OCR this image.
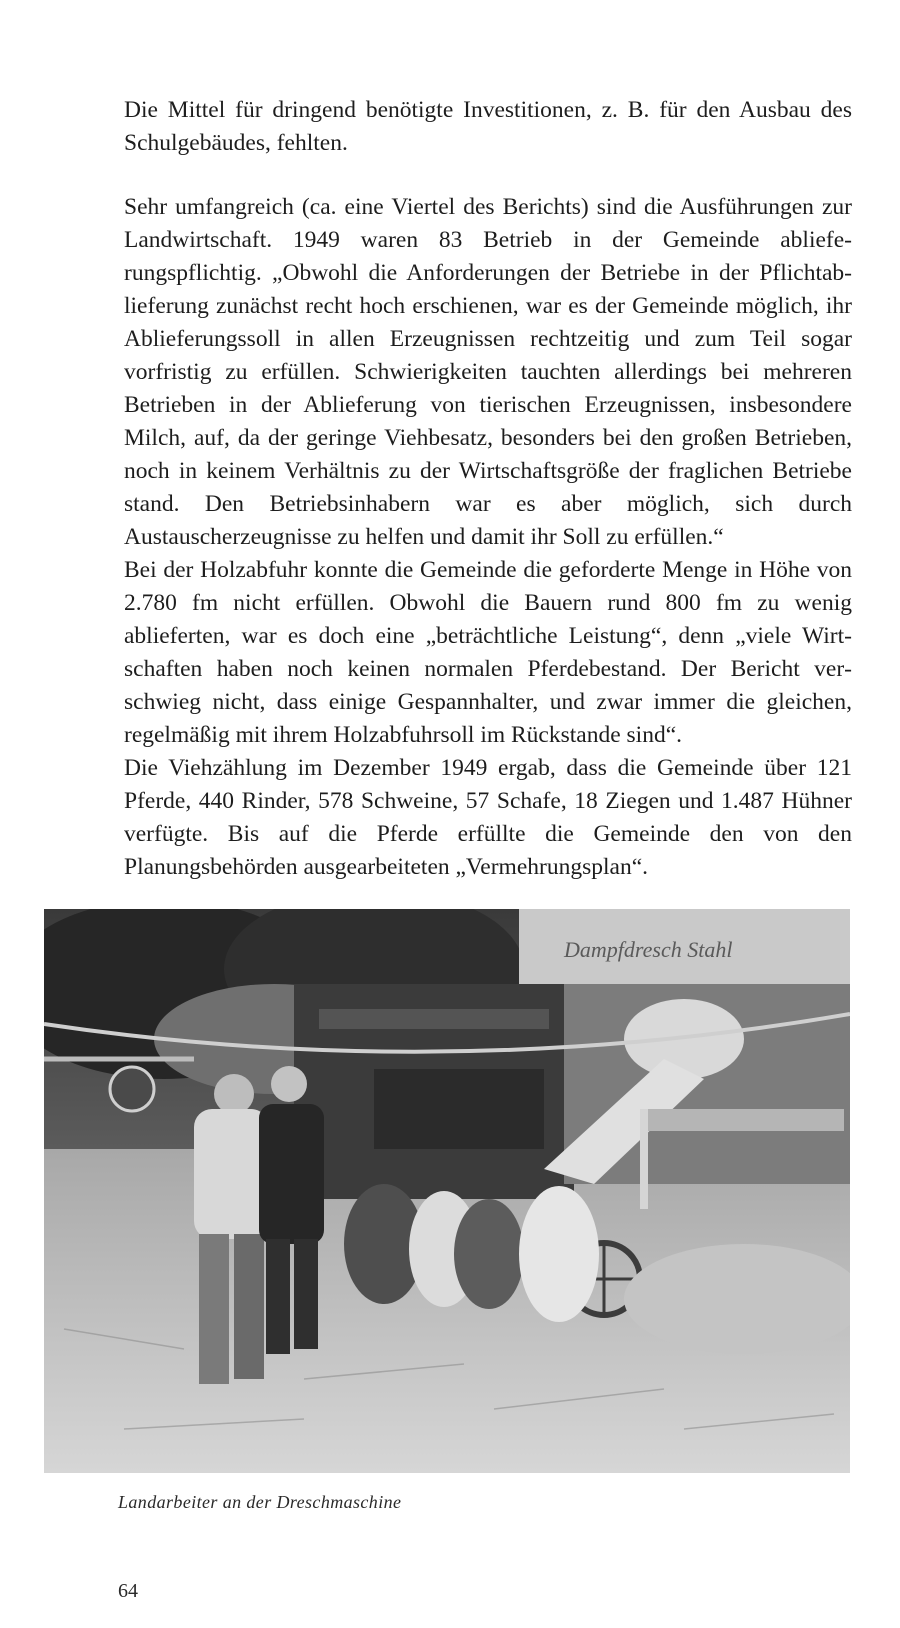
Die Mittel für dringend benötigte Investitionen, z. B. für den Ausbau des Schulgebäudes, fehlten.

Sehr umfangreich (ca. eine Viertel des Berichts) sind die Ausführungen zur Landwirtschaft. 1949 waren 83 Betrieb in der Gemeinde ablieferungspflichtig. „Obwohl die Anforderungen der Betriebe in der Pflichtablieferung zunächst recht hoch erschienen, war es der Gemeinde möglich, ihr Ablieferungssoll in allen Erzeugnissen rechtzeitig und zum Teil sogar vorfristig zu erfüllen. Schwierigkeiten tauchten allerdings bei mehreren Betrieben in der Ablieferung von tierischen Erzeugnissen, insbesondere Milch, auf, da der geringe Viehbesatz, besonders bei den großen Betrieben, noch in keinem Verhältnis zu der Wirtschaftsgröße der fraglichen Betriebe stand. Den Betriebsinhabern war es aber möglich, sich durch Austauscherzeugnisse zu helfen und damit ihr Soll zu erfüllen.“

Bei der Holzabfuhr konnte die Gemeinde die geforderte Menge in Höhe von 2.780 fm nicht erfüllen. Obwohl die Bauern rund 800 fm zu wenig ablieferten, war es doch eine „beträchtliche Leistung“, denn „viele Wirtschaften haben noch keinen normalen Pferdebestand. Der Bericht verschwieg nicht, dass einige Gespannhalter, und zwar immer die gleichen, regelmäßig mit ihrem Holzabfuhrsoll im Rückstande sind“.

Die Viehzählung im Dezember 1949 ergab, dass die Gemeinde über 121 Pferde, 440 Rinder, 578 Schweine, 57 Schafe, 18 Ziegen und 1.487 Hühner verfügte. Bis auf die Pferde erfüllte die Gemeinde den von den Planungsbehörden ausgearbeiteten „Vermehrungsplan“.

Dampfdresch Stahl
Landarbeiter an der Dreschmaschine
64
